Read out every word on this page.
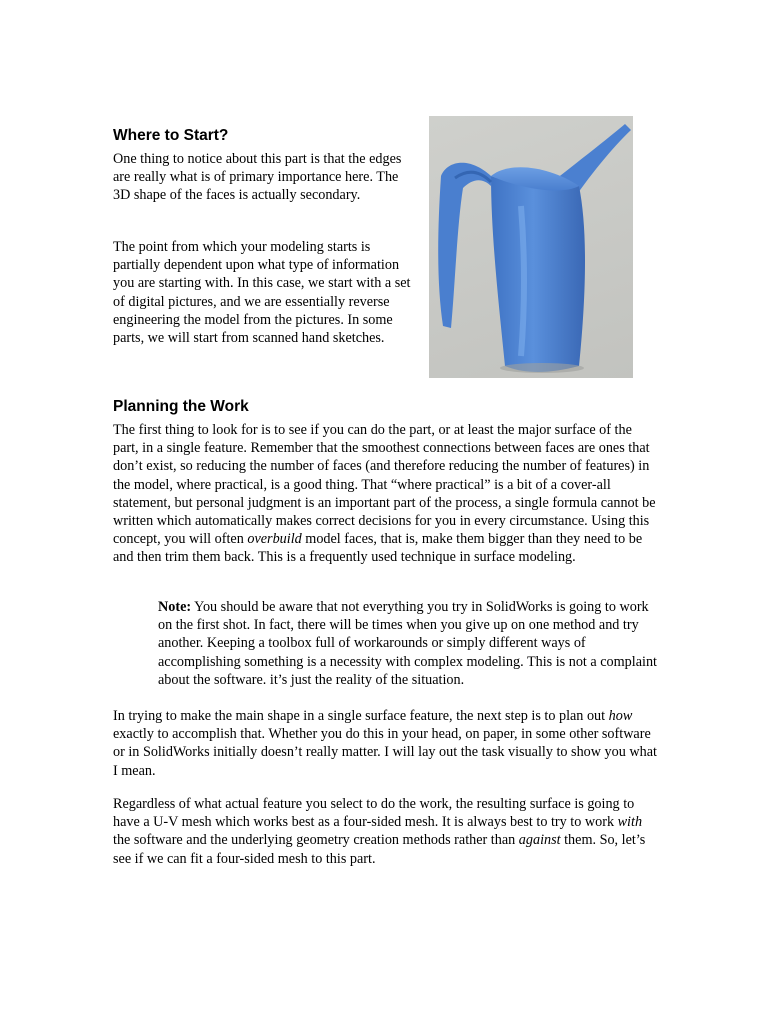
Where to Start?

One thing to notice about this part is that the edges are really what is of primary importance here. The 3D shape of the faces is actually secondary.

The point from which your modeling starts is partially dependent upon what type of information you are starting with. In this case, we start with a set of digital pictures, and we are essentially reverse engineering the model from the pictures. In some parts, we will start from scanned hand sketches.

Planning the Work

The first thing to look for is to see if you can do the part, or at least the major surface of the part, in a single feature. Remember that the smoothest connections between faces are ones that don’t exist, so reducing the number of faces (and therefore reducing the number of features) in the model, where practical, is a good thing. That “where practical” is a bit of a cover-all statement, but personal judgment is an important part of the process, a single formula cannot be written which automatically makes correct decisions for you in every circumstance. Using this concept, you will often overbuild model faces, that is, make them bigger than they need to be and then trim them back. This is a frequently used technique in surface modeling.

Note: You should be aware that not everything you try in SolidWorks is going to work on the first shot. In fact, there will be times when you give up on one method and try another. Keeping a toolbox full of workarounds or simply different ways of accomplishing something is a necessity with complex modeling. This is not a complaint about the software. it’s just the reality of the situation.

In trying to make the main shape in a single surface feature, the next step is to plan out how exactly to accomplish that. Whether you do this in your head, on paper, in some other software or in SolidWorks initially doesn’t really matter. I will lay out the task visually to show you what I mean.

Regardless of what actual feature you select to do the work, the resulting surface is going to have a U-V mesh which works best as a four-sided mesh. It is always best to try to work with  the software and the underlying geometry creation methods rather than against them. So, let’s see if we can fit a four-sided mesh to this part.
